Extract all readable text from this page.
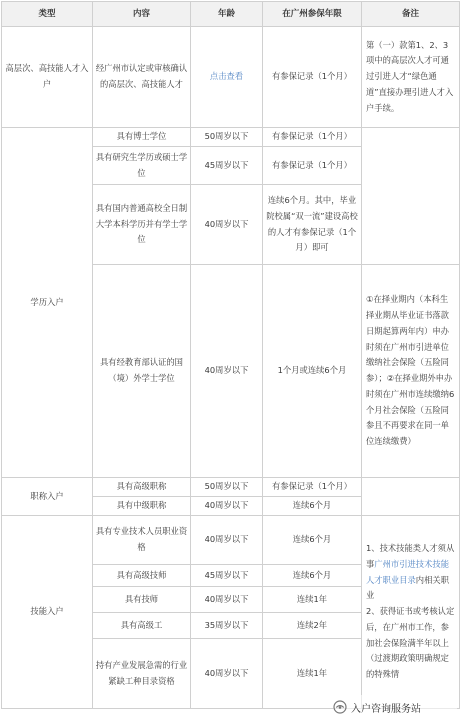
类型	内容	年龄	在广州参保年限	备注
高层次、高技能人才入户	经广州市认定或审核确认的高层次、高技能人才	点击查看	有参保记录（1个月）	第（一）款第1、2、3项中的高层次人才可通过引进人才“绿色通道”直接办理引进人才入户手续。
学历入户	具有博士学位	50周岁以下	有参保记录（1个月）	
	具有研究生学历或硕士学位	45周岁以下	有参保记录（1个月）	
	具有国内普通高校全日制大学本科学历并有学士学位	40周岁以下	连续6个月。其中，毕业院校属“双一流”建设高校的人才有参保记录（1个月）即可	
	具有经教育部认证的国（境）外学士学位	40周岁以下	1个月或连续6个月	①在择业期内（本科生择业期从毕业证书落款日期起算两年内）申办时须在广州市引进单位缴纳社会保险（五险同参）；②在择业期外申办时须在广州市连续缴纳6个月社会保险（五险同参且不再要求在同一单位连续缴费）
职称入户	具有高级职称	50周岁以下	有参保记录（1个月）	
	具有中级职称	40周岁以下	连续6个月	
技能入户	具有专业技术人员职业资格	40周岁以下	连续6个月	1、技术技能类人才须从事广州市引进技术技能人才职业目录内相关职业
2、获得证书或考核认定后，在广州市工作，参加社会保险满半年以上（过渡期政策明确规定的特殊情
	具有高级技师	45周岁以下	连续6个月	
	具有技师	40周岁以下	连续1年	
	具有高级工	35周岁以下	连续2年	
	持有产业发展急需的行业紧缺工种目录资格	40周岁以下	连续1年	
入户咨询服务站
